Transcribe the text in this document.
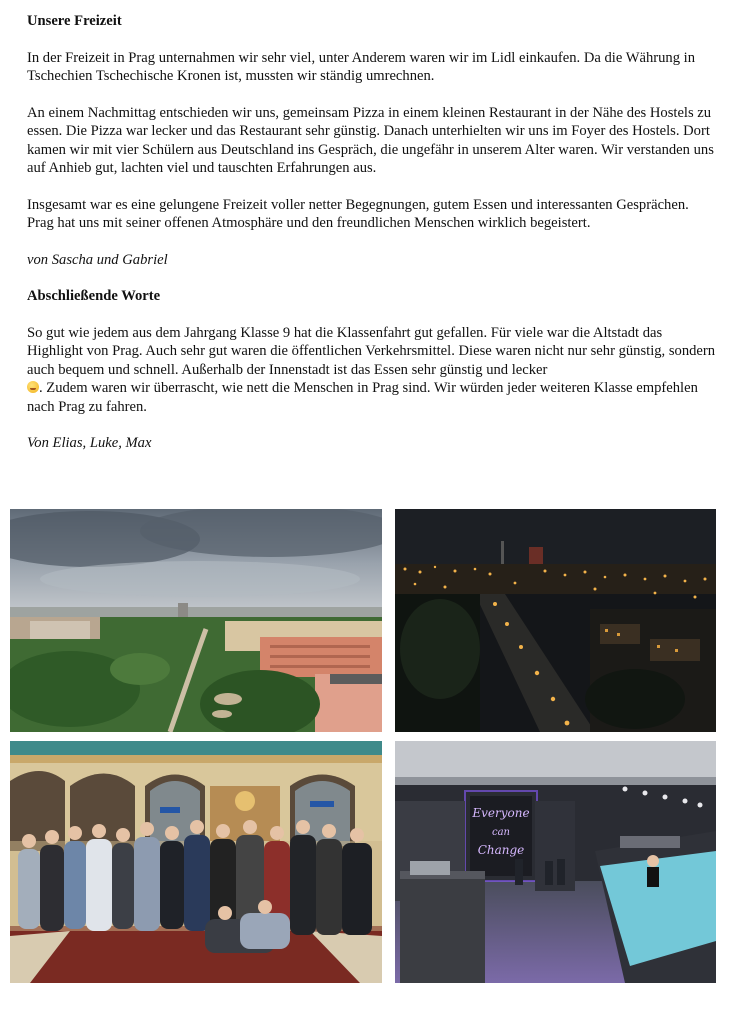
Unsere Freizeit

In der Freizeit in Prag unternahmen wir sehr viel, unter Anderem waren wir im Lidl einkaufen. Da die Währung in Tschechien Tschechische Kronen ist, mussten wir ständig umrechnen.

An einem Nachmittag entschieden wir uns, gemeinsam Pizza in einem kleinen Restaurant in der Nähe des Hostels zu essen. Die Pizza war lecker und das Restaurant sehr günstig. Danach unterhielten wir uns im Foyer des Hostels. Dort kamen wir mit vier Schülern aus Deutschland ins Gespräch, die ungefähr in unserem Alter waren. Wir verstanden uns auf Anhieb gut, lachten viel und tauschten Erfahrungen aus.

Insgesamt war es eine gelungene Freizeit voller netter Begegnungen, gutem Essen und interessanten Gesprächen. Prag hat uns mit seiner offenen Atmosphäre und den freundlichen Menschen wirklich begeistert.

von Sascha und Gabriel

Abschließende Worte

So gut wie jedem aus dem Jahrgang Klasse 9 hat die Klassenfahrt gut gefallen. Für viele war die Altstadt das Highlight von Prag. Auch sehr gut waren die öffentlichen Verkehrsmittel. Diese waren nicht nur sehr günstig, sondern auch bequem und schnell. Außerhalb der Innenstadt ist das Essen sehr günstig und lecker
. Zudem waren wir überrascht, wie nett die Menschen in Prag sind. Wir würden jeder weiteren Klasse empfehlen nach Prag zu fahren.

Von Elias, Luke, Max

Everyone
can
Change
